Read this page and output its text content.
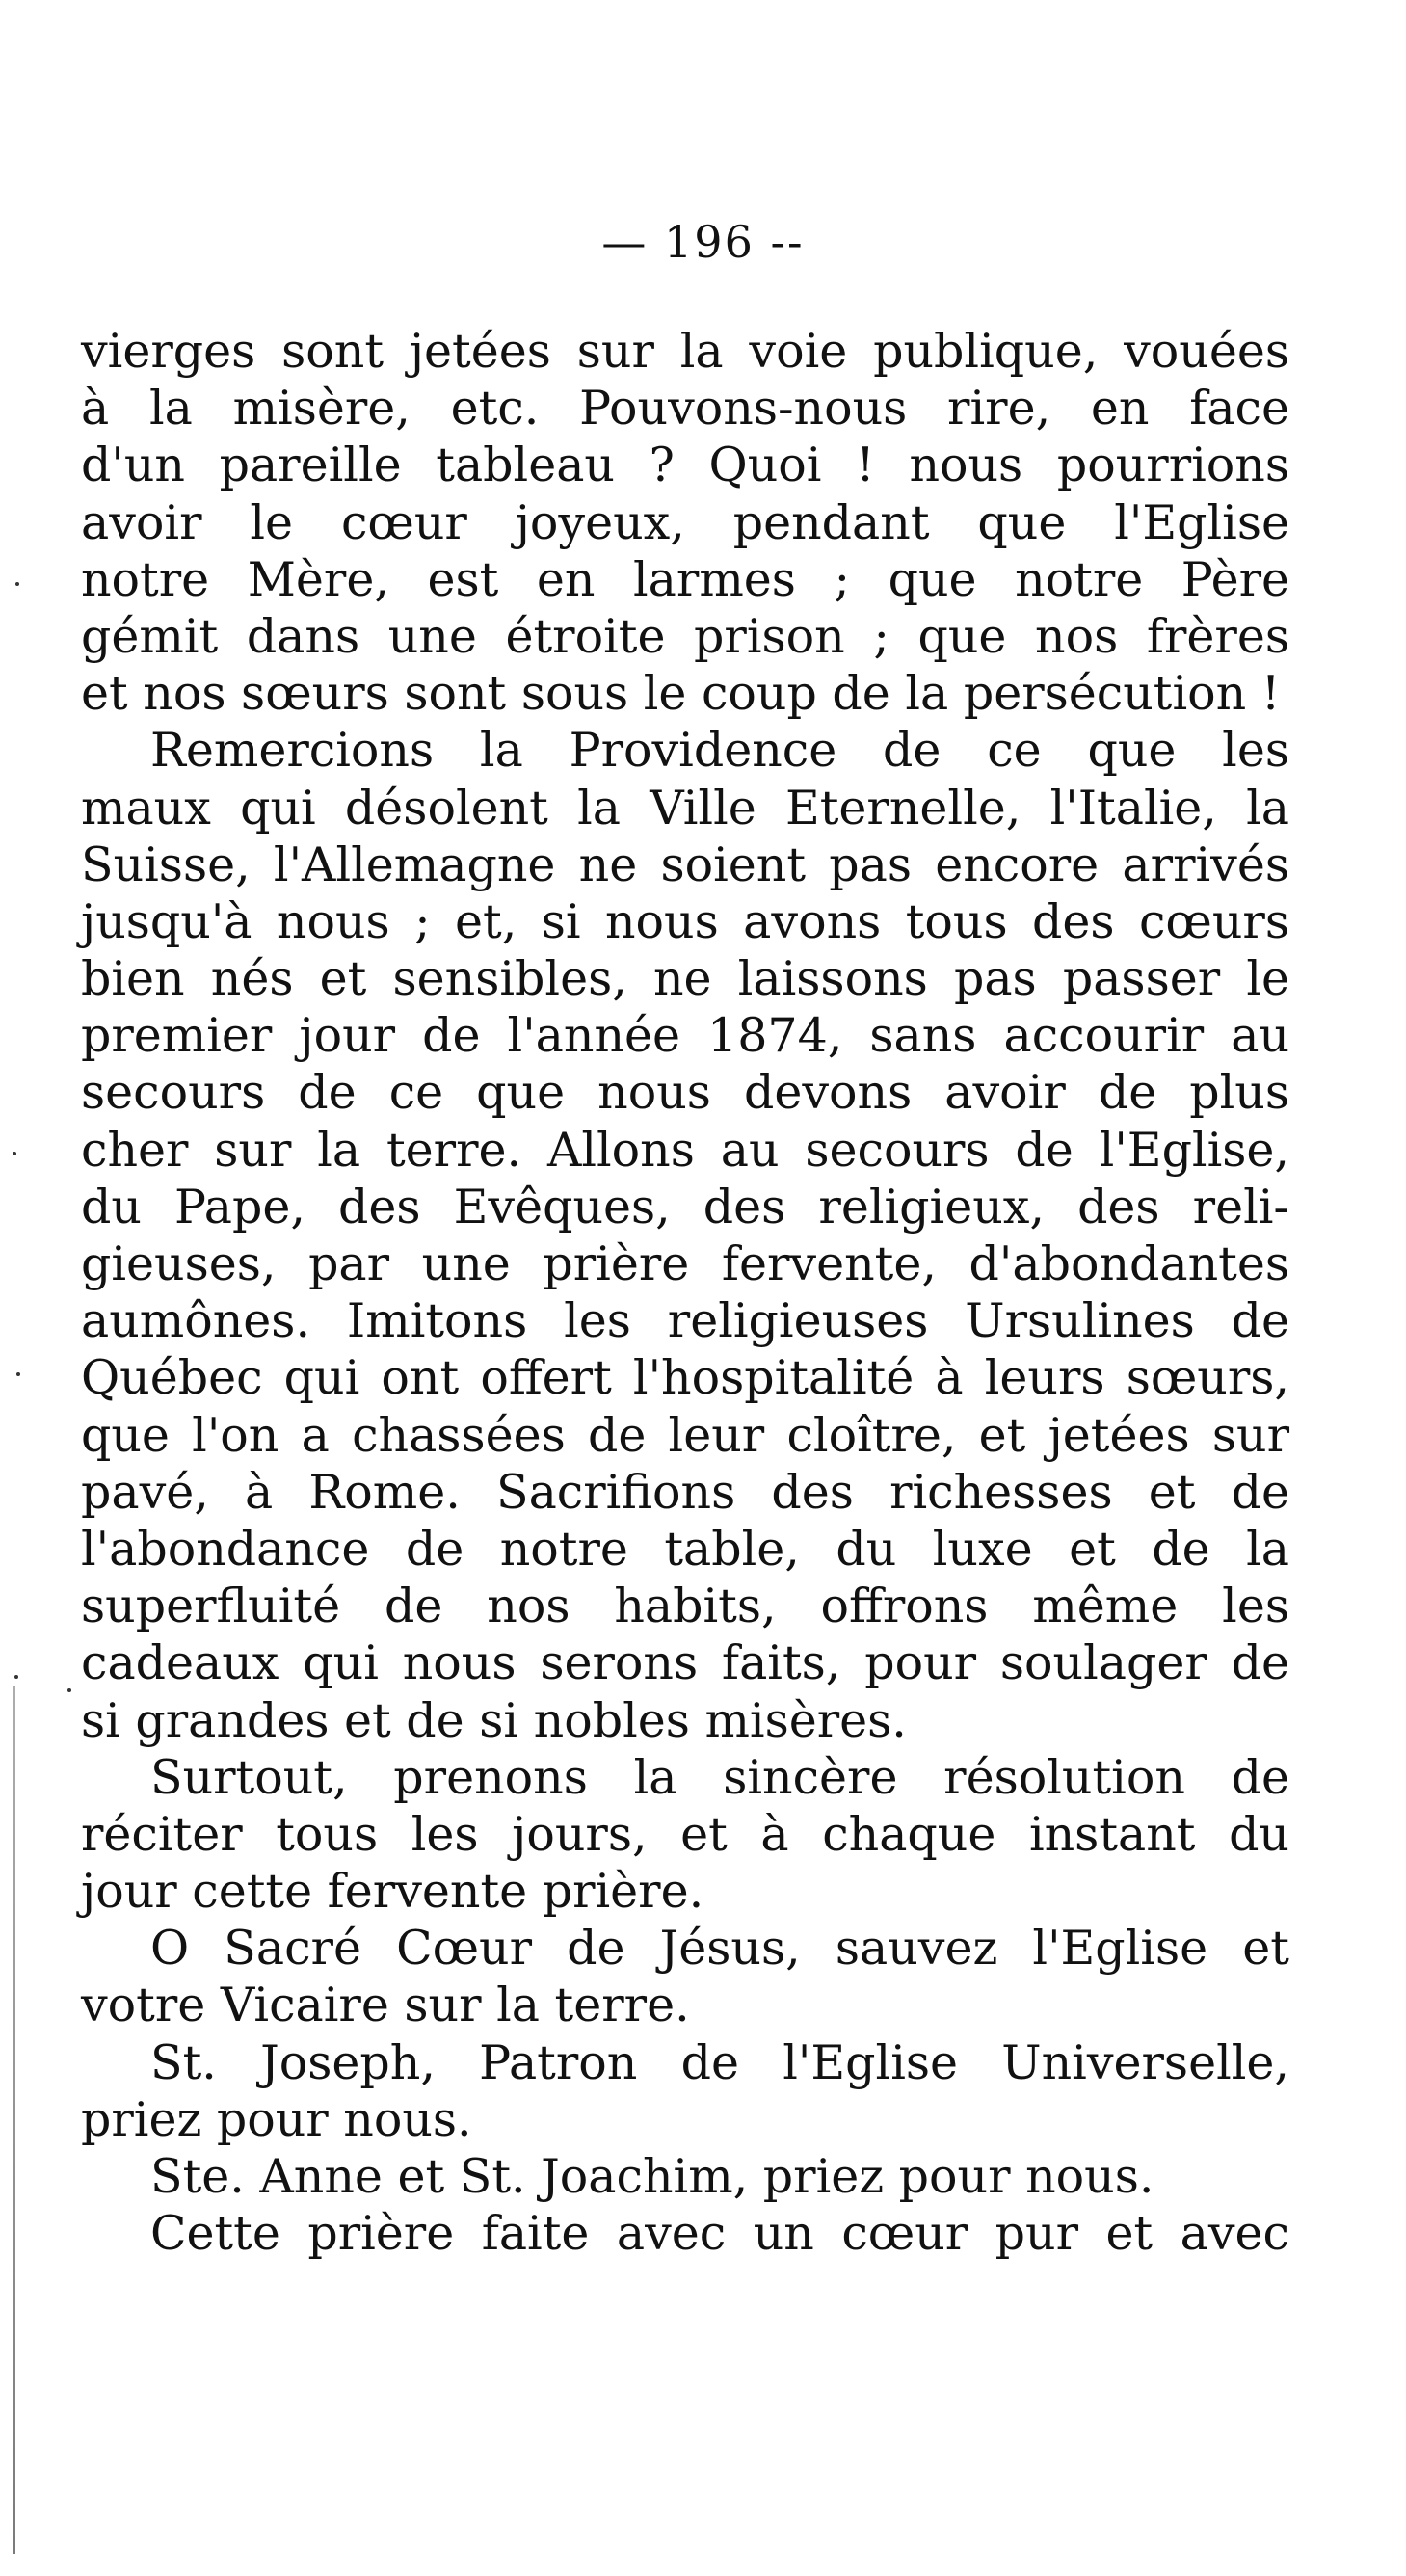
— 196 --
vierges sont jetées sur la voie publique, vouées
à la misère, etc. Pouvons-nous rire, en face
d'un pareille tableau ? Quoi ! nous pourrions
avoir le cœur joyeux, pendant que l'Eglise
notre Mère, est en larmes ; que notre Père
gémit dans une étroite prison ; que nos frères
et nos sœurs sont sous le coup de la persécution !
Remercions la Providence de ce que les
maux qui désolent la Ville Eternelle, l'Italie, la
Suisse, l'Allemagne ne soient pas encore arrivés
jusqu'à nous ; et, si nous avons tous des cœurs
bien nés et sensibles, ne laissons pas passer le
premier jour de l'année 1874, sans accourir au
secours de ce que nous devons avoir de plus
cher sur la terre. Allons au secours de l'Eglise,
du Pape, des Evêques, des religieux, des reli-
gieuses, par une prière fervente, d'abondantes
aumônes. Imitons les religieuses Ursulines de
Québec qui ont offert l'hospitalité à leurs sœurs,
que l'on a chassées de leur cloître, et jetées sur
pavé, à Rome. Sacrifions des richesses et de
l'abondance de notre table, du luxe et de la
superfluité de nos habits, offrons même les
cadeaux qui nous serons faits, pour soulager de
si grandes et de si nobles misères.
Surtout, prenons la sincère résolution de
réciter tous les jours, et à chaque instant du
jour cette fervente prière.
O Sacré Cœur de Jésus, sauvez l'Eglise et
votre Vicaire sur la terre.
St. Joseph, Patron de l'Eglise Universelle,
priez pour nous.
Ste. Anne et St. Joachim, priez pour nous.
Cette prière faite avec un cœur pur et avec
